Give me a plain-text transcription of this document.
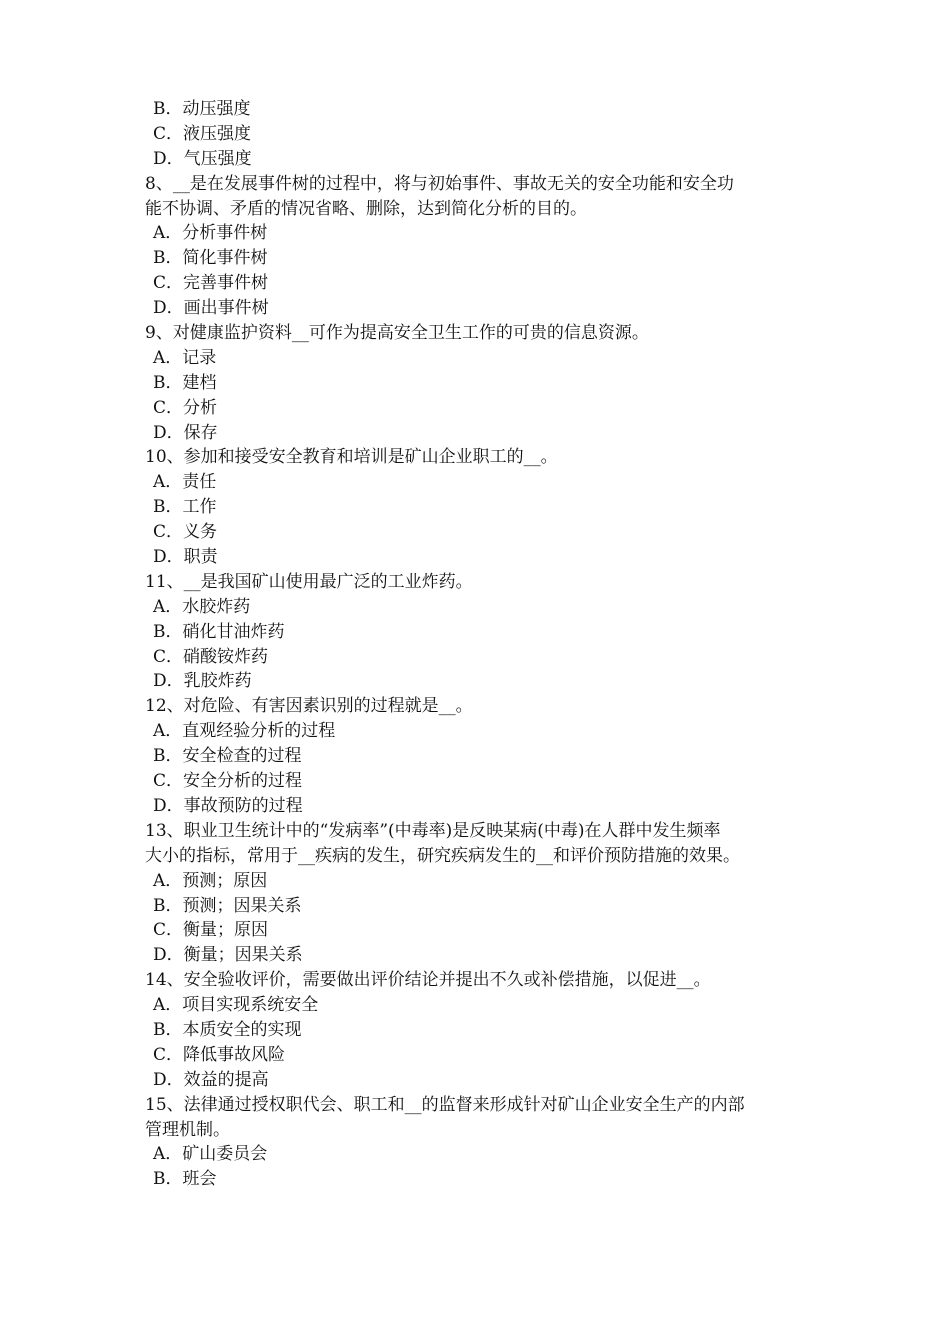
B．动压强度
C．液压强度
D．气压强度
8、__是在发展事件树的过程中，将与初始事件、事故无关的安全功能和安全功
能不协调、矛盾的情况省略、删除，达到简化分析的目的。
A．分析事件树
B．简化事件树
C．完善事件树
D．画出事件树
9、对健康监护资料__可作为提高安全卫生工作的可贵的信息资源。
A．记录
B．建档
C．分析
D．保存
10、参加和接受安全教育和培训是矿山企业职工的__。
A．责任
B．工作
C．义务
D．职责
11、__是我国矿山使用最广泛的工业炸药。
A．水胶炸药
B．硝化甘油炸药
C．硝酸铵炸药
D．乳胶炸药
12、对危险、有害因素识别的过程就是__。
A．直观经验分析的过程
B．安全检查的过程
C．安全分析的过程
D．事故预防的过程
13、职业卫生统计中的“发病率”(中毒率)是反映某病(中毒)在人群中发生频率
大小的指标，常用于__疾病的发生，研究疾病发生的__和评价预防措施的效果。
A．预测；原因
B．预测；因果关系
C．衡量；原因
D．衡量；因果关系
14、安全验收评价，需要做出评价结论并提出不久或补偿措施，以促进__。
A．项目实现系统安全
B．本质安全的实现
C．降低事故风险
D．效益的提高
15、法律通过授权职代会、职工和__的监督来形成针对矿山企业安全生产的内部
管理机制。
A．矿山委员会
B．班会
